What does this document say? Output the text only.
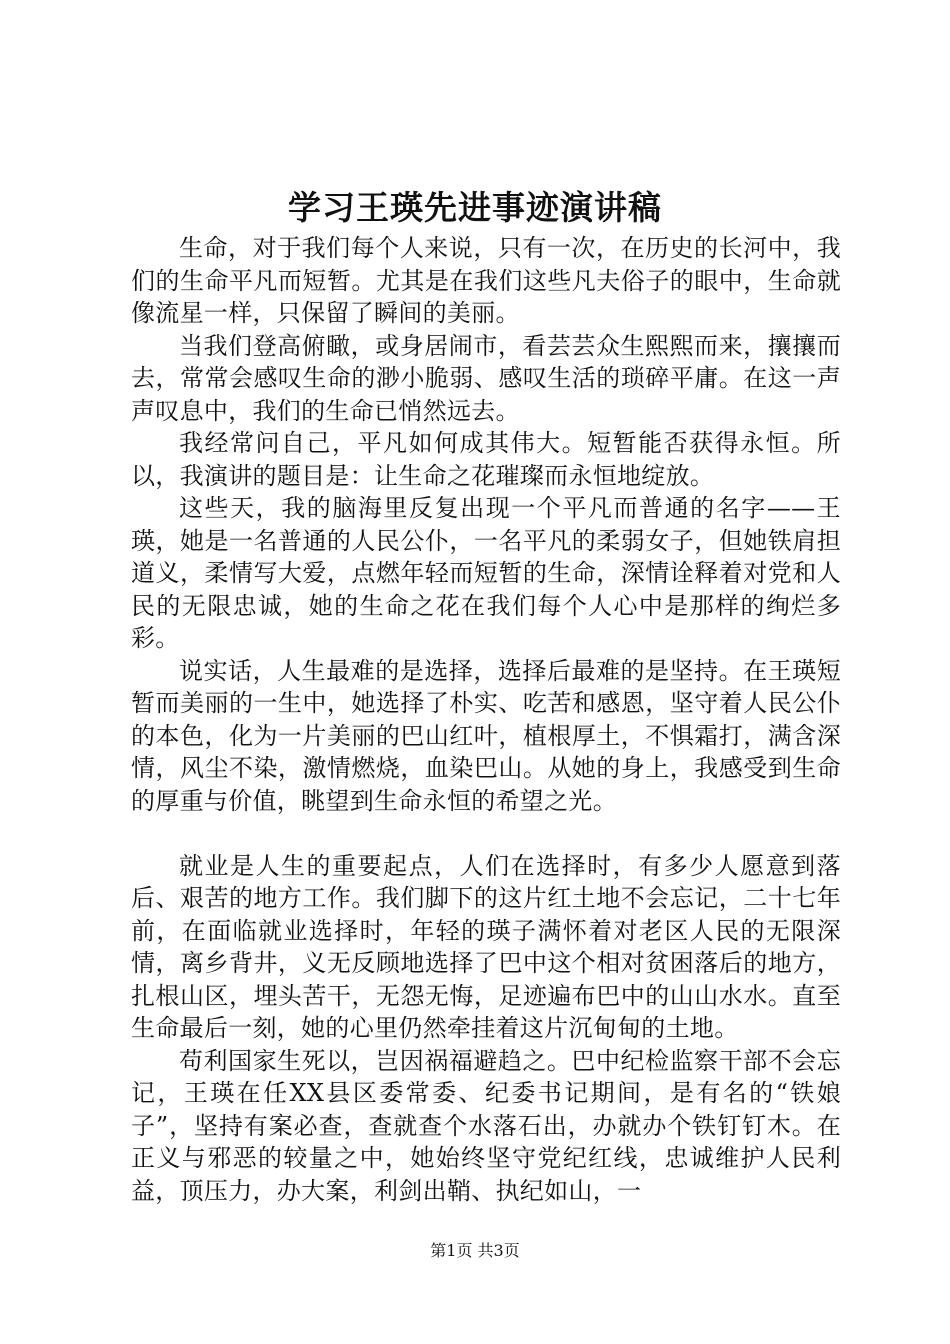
学习王瑛先进事迹演讲稿

生命，对于我们每个人来说，只有一次，在历史的长河中，我们的生命平凡而短暂。尤其是在我们这些凡夫俗子的眼中，生命就像流星一样，只保留了瞬间的美丽。

当我们登高俯瞰，或身居闹市，看芸芸众生熙熙而来，攘攘而去，常常会感叹生命的渺小脆弱、感叹生活的琐碎平庸。在这一声声叹息中，我们的生命已悄然远去。

我经常问自己，平凡如何成其伟大。短暂能否获得永恒。所以，我演讲的题目是：让生命之花璀璨而永恒地绽放。

这些天，我的脑海里反复出现一个平凡而普通的名字——王瑛，她是一名普通的人民公仆，一名平凡的柔弱女子，但她铁肩担道义，柔情写大爱，点燃年轻而短暂的生命，深情诠释着对党和人民的无限忠诚，她的生命之花在我们每个人心中是那样的绚烂多彩。

说实话，人生最难的是选择，选择后最难的是坚持。在王瑛短暂而美丽的一生中，她选择了朴实、吃苦和感恩，坚守着人民公仆的本色，化为一片美丽的巴山红叶，植根厚土，不惧霜打，满含深情，风尘不染，激情燃烧，血染巴山。从她的身上，我感受到生命的厚重与价值，眺望到生命永恒的希望之光。

就业是人生的重要起点，人们在选择时，有多少人愿意到落后、艰苦的地方工作。我们脚下的这片红土地不会忘记，二十七年前，在面临就业选择时，年轻的瑛子满怀着对老区人民的无限深情，离乡背井，义无反顾地选择了巴中这个相对贫困落后的地方，扎根山区，埋头苦干，无怨无悔，足迹遍布巴中的山山水水。直至生命最后一刻，她的心里仍然牵挂着这片沉甸甸的土地。

苟利国家生死以，岂因祸福避趋之。巴中纪检监察干部不会忘记，王瑛在任XX县区委常委、纪委书记期间，是有名的“铁娘子”，坚持有案必查，查就查个水落石出，办就办个铁钉钉木。在正义与邪恶的较量之中，她始终坚守党纪红线，忠诚维护人民利益，顶压力，办大案，利剑出鞘、执纪如山，一

第1页 共3页
